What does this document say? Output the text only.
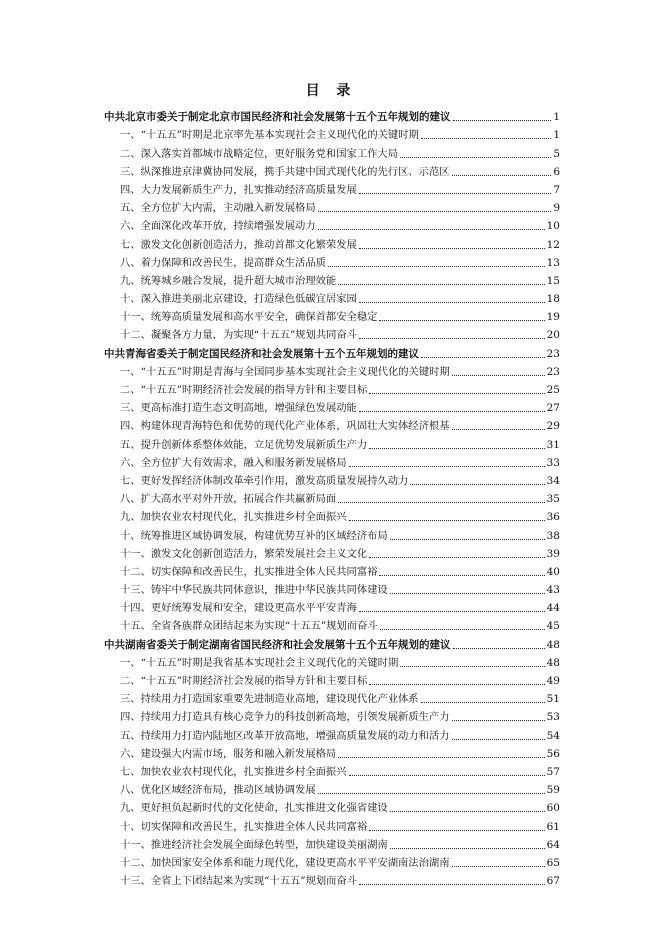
目 录
中共北京市委关于制定北京市国民经济和社会发展第十五个五年规划的建议	1
一、“十五五”时期是北京率先基本实现社会主义现代化的关键时期	1
二、深入落实首都城市战略定位，更好服务党和国家工作大局	5
三、纵深推进京津冀协同发展，携手共建中国式现代化的先行区、示范区	6
四、大力发展新质生产力，扎实推动经济高质量发展	7
五、全方位扩大内需，主动融入新发展格局	9
六、全面深化改革开放，持续增强发展动力	10
七、激发文化创新创造活力，推动首都文化繁荣发展	12
八、着力保障和改善民生，提高群众生活品质	13
九、统筹城乡融合发展，提升超大城市治理效能	15
十、深入推进美丽北京建设，打造绿色低碳宜居家园	18
十一、统筹高质量发展和高水平安全，确保首都安全稳定	19
十二、凝聚各方力量，为实现“十五五”规划共同奋斗	20
中共青海省委关于制定国民经济和社会发展第十五个五年规划的建议	23
一、“十五五”时期是青海与全国同步基本实现社会主义现代化的关键时期	23
二、“十五五”时期经济社会发展的指导方针和主要目标	25
三、更高标准打造生态文明高地，增强绿色发展动能	27
四、构建体现青海特色和优势的现代化产业体系，巩固壮大实体经济根基	29
五、提升创新体系整体效能，立足优势发展新质生产力	31
六、全方位扩大有效需求，融入和服务新发展格局	33
七、更好发挥经济体制改革牵引作用，激发高质量发展持久动力	34
八、扩大高水平对外开放，拓展合作共赢新局面	35
九、加快农业农村现代化，扎实推进乡村全面振兴	36
十、统筹推进区域协调发展，构建优势互补的区域经济布局	38
十一、激发文化创新创造活力，繁荣发展社会主义文化	39
十二、切实保障和改善民生，扎实推进全体人民共同富裕	40
十三、铸牢中华民族共同体意识，推进中华民族共同体建设	43
十四、更好统筹发展和安全，建设更高水平平安青海	44
十五、全省各族群众团结起来为实现“十五五”规划而奋斗	45
中共湖南省委关于制定湖南省国民经济和社会发展第十五个五年规划的建议	48
一、“十五五”时期是我省基本实现社会主义现代化的关键时期	48
二、“十五五”时期经济社会发展的指导方针和主要目标	49
三、持续用力打造国家重要先进制造业高地，建设现代化产业体系	51
四、持续用力打造具有核心竞争力的科技创新高地，引领发展新质生产力	53
五、持续用力打造内陆地区改革开放高地，增强高质量发展的动力和活力	54
六、建设强大内需市场，服务和融入新发展格局	56
七、加快农业农村现代化，扎实推进乡村全面振兴	57
八、优化区域经济布局，推动区域协调发展	59
九、更好担负起新时代的文化使命，扎实推进文化强省建设	60
十、切实保障和改善民生，扎实推进全体人民共同富裕	61
十一、推进经济社会发展全面绿色转型，加快建设美丽湖南	64
十二、加快国家安全体系和能力现代化，建设更高水平平安湖南法治湖南	65
十三、全省上下团结起来为实现“十五五”规划而奋斗	67
